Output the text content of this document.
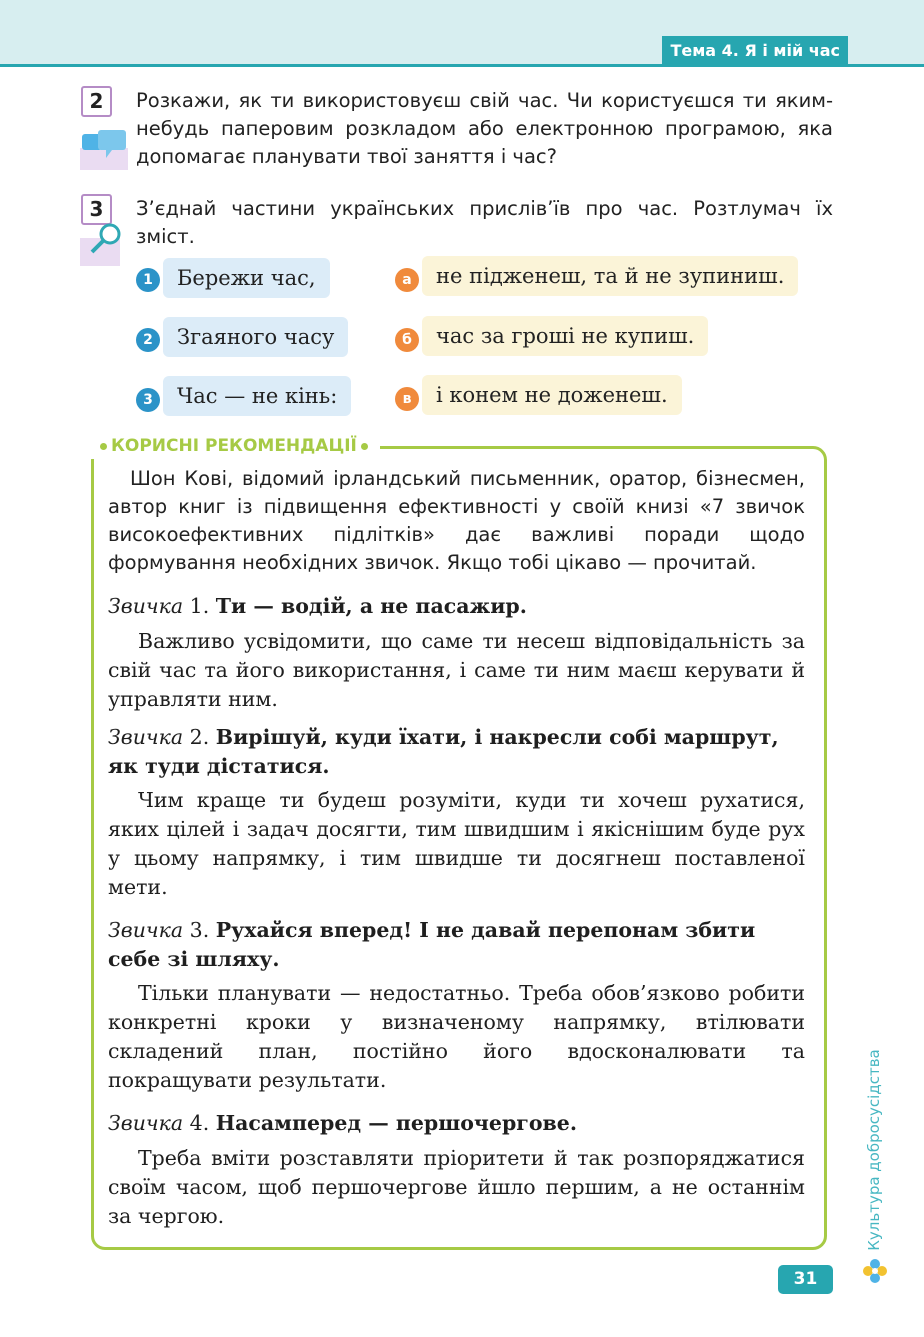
Тема 4. Я і мій час
2	Розкажи, як ти використовуєш свій час. Чи користуєшся ти яким-небудь паперовим розкладом або електронною програмою, яка допомагає планувати твої заняття і час?
3	З’єднай частини українських прислів’їв про час. Розтлумач їх зміст.
1	Бережи час,
2	Згаяного часу
3	Час — не кінь:
а	не підженеш, та й не зупиниш.
б	час за гроші не купиш.
в	і конем не доженеш.
КОРИСНІ РЕКОМЕНДАЦІЇ
Шон Кові, відомий ірландський письменник, оратор, бізнесмен, автор книг із підвищення ефективності у своїй книзі «7 звичок високоефективних підлітків» дає важливі поради щодо формування необхідних звичок. Якщо тобі цікаво — прочитай.
Звичка 1. Ти — водій, а не пасажир.
Важливо усвідомити, що саме ти несеш відповідальність за свій час та його використання, і саме ти ним маєш керувати й управляти ним.
Звичка 2. Вирішуй, куди їхати, і накресли собі маршрут, як туди дістатися.
Чим краще ти будеш розуміти, куди ти хочеш рухатися, яких цілей і задач досягти, тим швидшим і якіснішим буде рух у цьому напрямку, і тим швидше ти досягнеш поставленої мети.
Звичка 3. Рухайся вперед! І не давай перепонам збити себе зі шляху.
Тільки планувати — недостатньо. Треба обов’язково робити конкретні кроки у визначеному напрямку, втілювати складений план, постійно його вдосконалювати та покращувати результати.
Звичка 4. Насамперед — першочергове.
Треба вміти розставляти пріоритети й так розпоряджатися своїм часом, щоб першочергове йшло першим, а не останнім за чергою.	Культура добросусідства
31
